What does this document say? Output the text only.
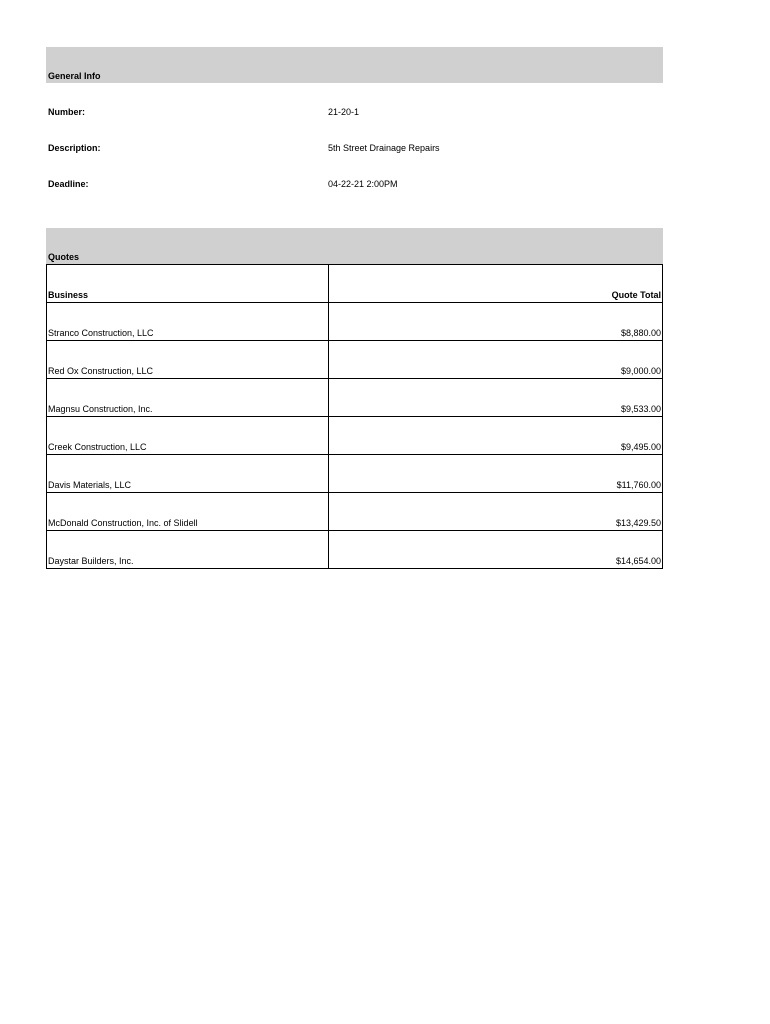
General Info
Number:	21-20-1
Description:	5th Street Drainage Repairs
Deadline:	04-22-21 2:00PM
Quotes
Business	Quote Total
Stranco Construction, LLC	$8,880.00
Red Ox Construction, LLC	$9,000.00
Magnsu Construction, Inc.	$9,533.00
Creek Construction, LLC	$9,495.00
Davis Materials, LLC	$11,760.00
McDonald Construction, Inc. of Slidell	$13,429.50
Daystar Builders, Inc.	$14,654.00
